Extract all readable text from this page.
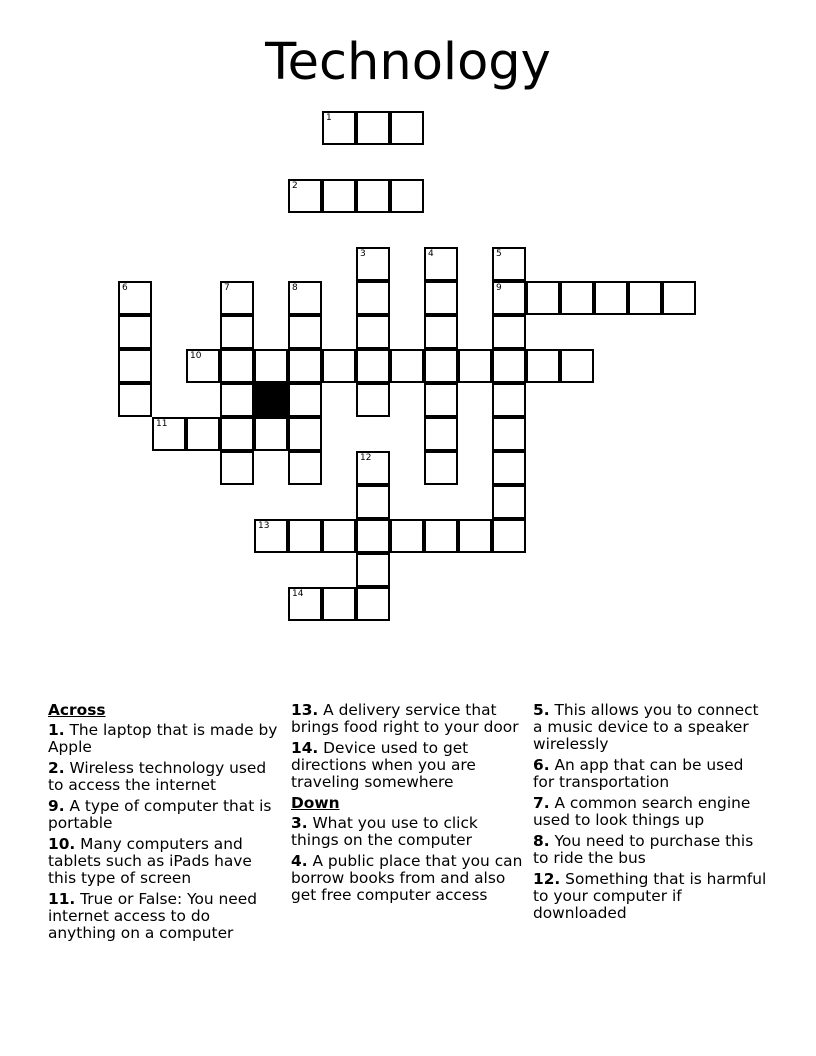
Technology
1
2
9
10
11
13
14
3	4	5
6	7	8
12
Across
1. The laptop that is made by Apple
2. Wireless technology used to access the internet
9. A type of computer that is portable
10. Many computers and tablets such as iPads have this type of screen
11. True or False: You need internet access to do anything on a computer
13. A delivery service that brings food right to your door
14. Device used to get directions when you are traveling somewhere
Down
3. What you use to click things on the computer
4. A public place that you can borrow books from and also get free computer access
5. This allows you to connect a music device to a speaker wirelessly
6. An app that can be used for transportation
7. A common search engine used to look things up
8. You need to purchase this to ride the bus
12. Something that is harmful to your computer if downloaded
